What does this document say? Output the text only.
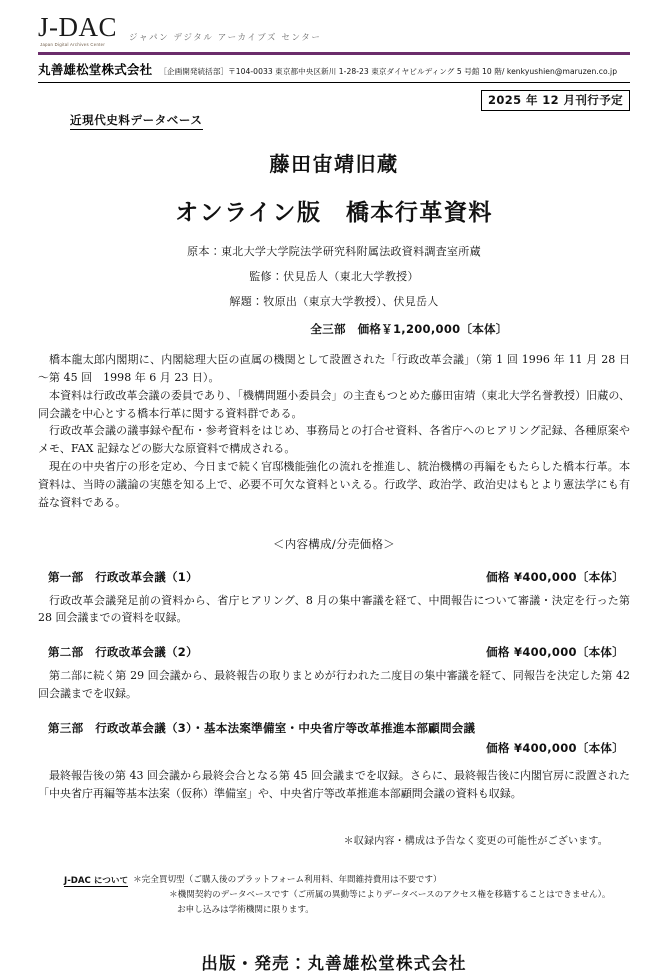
J-DAC
Japan Digital Archives Center
ジャパン デジタル アーカイブズ センター
丸善雄松堂株式会社 ［企画開発統括部］〒104-0033 東京都中央区新川 1-28-23 東京ダイヤビルディング 5 号館 10 階/ kenkyushien@maruzen.co.jp
2025 年 12 月刊行予定
近現代史料データベース
藤田宙靖旧蔵
オンライン版　橋本行革資料
原本：東北大学大学院法学研究科附属法政資料調査室所蔵
監修：伏見岳人（東北大学教授）
解題：牧原出（東京大学教授）、伏見岳人
全三部　価格￥1,200,000〔本体〕

橋本龍太郎内閣期に、内閣総理大臣の直属の機関として設置された「行政改革会議」（第 1 回 1996 年 11 月 28 日～第 45 回　1998 年 6 月 23 日）。

本資料は行政改革会議の委員であり、「機構問題小委員会」の主査もつとめた藤田宙靖（東北大学名誉教授）旧蔵の、同会議を中心とする橋本行革に関する資料群である。

行政改革会議の議事録や配布・参考資料をはじめ、事務局との打合せ資料、各省庁へのヒアリング記録、各種原案やメモ、FAX 記録などの膨大な原資料で構成される。

現在の中央省庁の形を定め、今日まで続く官邸機能強化の流れを推進し、統治機構の再編をもたらした橋本行革。本資料は、当時の議論の実態を知る上で、必要不可欠な資料といえる。行政学、政治学、政治史はもとより憲法学にも有益な資料である。

＜内容構成/分売価格＞
第一部　行政改革会議（1）	価格 ¥400,000〔本体〕
行政改革会議発足前の資料から、省庁ヒアリング、8 月の集中審議を経て、中間報告について審議・決定を行った第 28 回会議までの資料を収録。
第二部　行政改革会議（2）	価格 ¥400,000〔本体〕
第二部に続く第 29 回会議から、最終報告の取りまとめが行われた二度目の集中審議を経て、同報告を決定した第 42 回会議までを収録。
第三部　行政改革会議（3）・基本法案準備室・中央省庁等改革推進本部顧問会議
価格 ¥400,000〔本体〕
最終報告後の第 43 回会議から最終会合となる第 45 回会議までを収録。さらに、最終報告後に内閣官房に設置された「中央省庁再編等基本法案（仮称）準備室」や、中央省庁等改革推進本部顧問会議の資料も収録。
＊収録内容・構成は予告なく変更の可能性がございます。
J-DAC について ＊完全買切型（ご購入後のプラットフォーム利用料、年間維持費用は不要です）
＊機関契約のデータベースです（ご所属の異動等によりデータベースのアクセス権を移籍することはできません）。
お申し込みは学術機関に限ります。
出版・発売：丸善雄松堂株式会社
